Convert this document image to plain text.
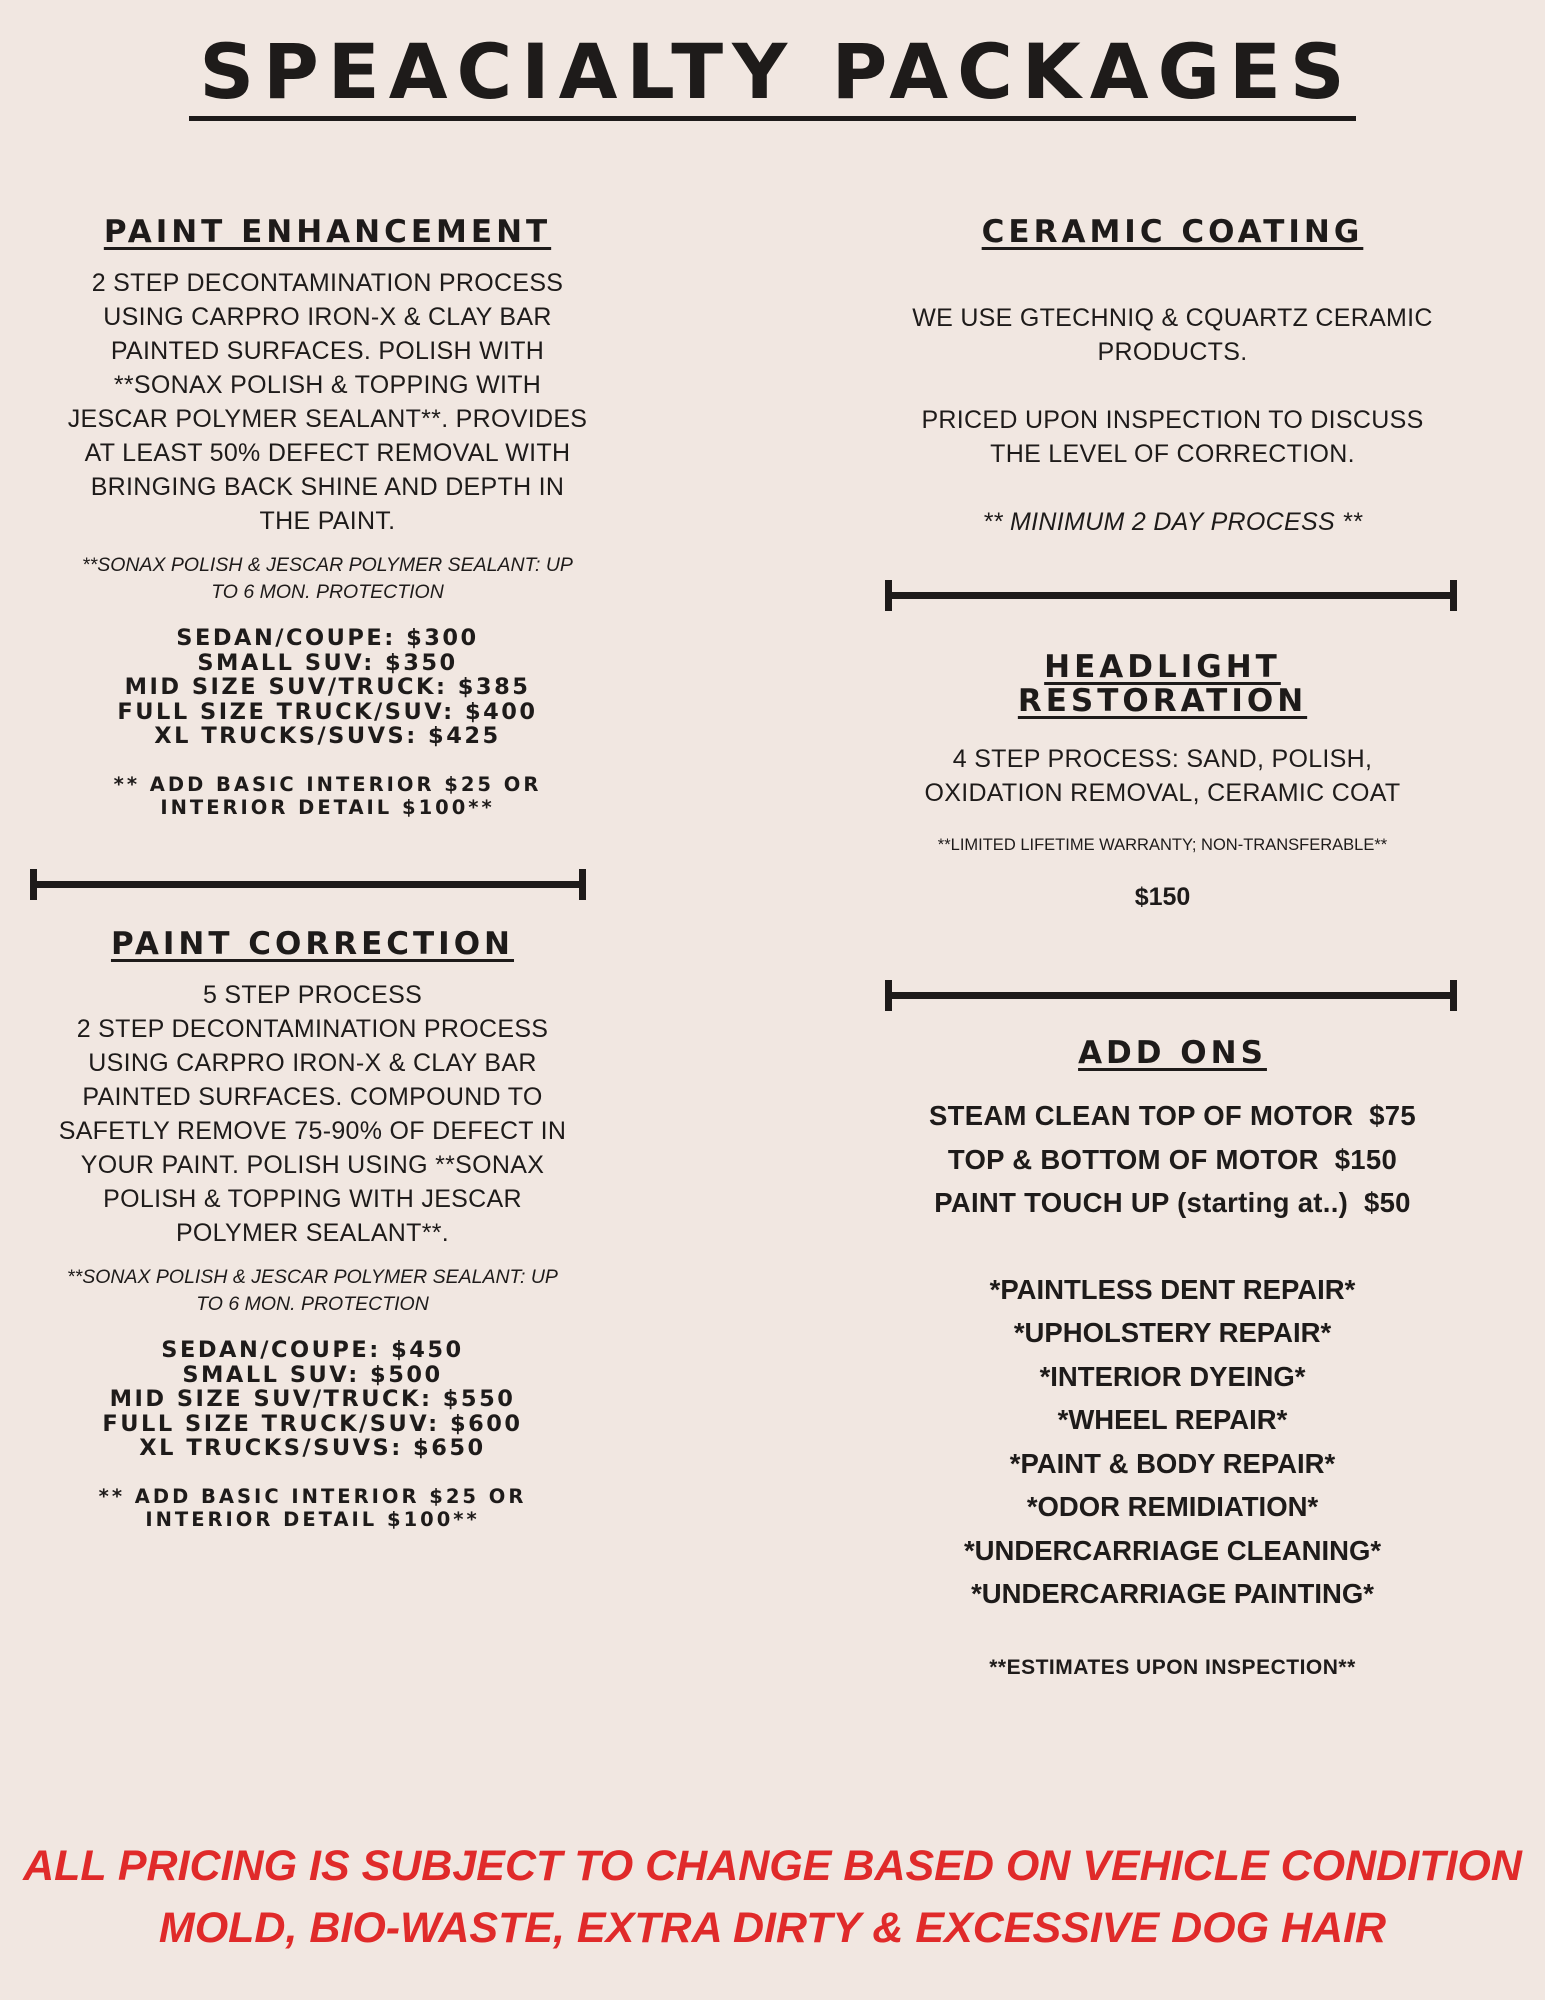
SPEACIALTY PACKAGES
PAINT ENHANCEMENT

2 STEP DECONTAMINATION PROCESS

USING CARPRO IRON-X & CLAY BAR

PAINTED SURFACES. POLISH WITH

**SONAX POLISH & TOPPING WITH

JESCAR POLYMER SEALANT**. PROVIDES

AT LEAST 50% DEFECT REMOVAL WITH

BRINGING BACK SHINE AND DEPTH IN

THE PAINT.

**SONAX POLISH & JESCAR POLYMER SEALANT: UP

TO 6 MON. PROTECTION

SEDAN/COUPE: $300

SMALL SUV: $350

MID SIZE SUV/TRUCK: $385

FULL SIZE TRUCK/SUV: $400

XL TRUCKS/SUVS: $425

** ADD BASIC INTERIOR $25 OR

INTERIOR DETAIL $100**

PAINT CORRECTION

5 STEP PROCESS

2 STEP DECONTAMINATION PROCESS

USING CARPRO IRON-X & CLAY BAR

PAINTED SURFACES. COMPOUND TO

SAFETLY REMOVE 75-90% OF DEFECT IN

YOUR PAINT. POLISH USING **SONAX

POLISH & TOPPING WITH JESCAR

POLYMER SEALANT**.

**SONAX POLISH & JESCAR POLYMER SEALANT: UP

TO 6 MON. PROTECTION

SEDAN/COUPE: $450

SMALL SUV: $500

MID SIZE SUV/TRUCK: $550

FULL SIZE TRUCK/SUV: $600

XL TRUCKS/SUVS: $650

** ADD BASIC INTERIOR $25 OR

INTERIOR DETAIL $100**

CERAMIC COATING

WE USE GTECHNIQ & CQUARTZ CERAMIC

PRODUCTS.

PRICED UPON INSPECTION TO DISCUSS

THE LEVEL OF CORRECTION.

** MINIMUM 2 DAY PROCESS **

HEADLIGHT

RESTORATION

4 STEP PROCESS: SAND, POLISH,

OXIDATION REMOVAL, CERAMIC COAT

**LIMITED LIFETIME WARRANTY; NON-TRANSFERABLE**
$150
ADD ONS

STEAM CLEAN TOP OF MOTOR  $75

TOP & BOTTOM OF MOTOR  $150

PAINT TOUCH UP (starting at..)  $50

*PAINTLESS DENT REPAIR*

*UPHOLSTERY REPAIR*

*INTERIOR DYEING*

*WHEEL REPAIR*

*PAINT & BODY REPAIR*

*ODOR REMIDIATION*

*UNDERCARRIAGE CLEANING*

*UNDERCARRIAGE PAINTING*

**ESTIMATES UPON INSPECTION**

ALL PRICING IS SUBJECT TO CHANGE BASED ON VEHICLE CONDITION

MOLD, BIO-WASTE, EXTRA DIRTY & EXCESSIVE DOG HAIR
